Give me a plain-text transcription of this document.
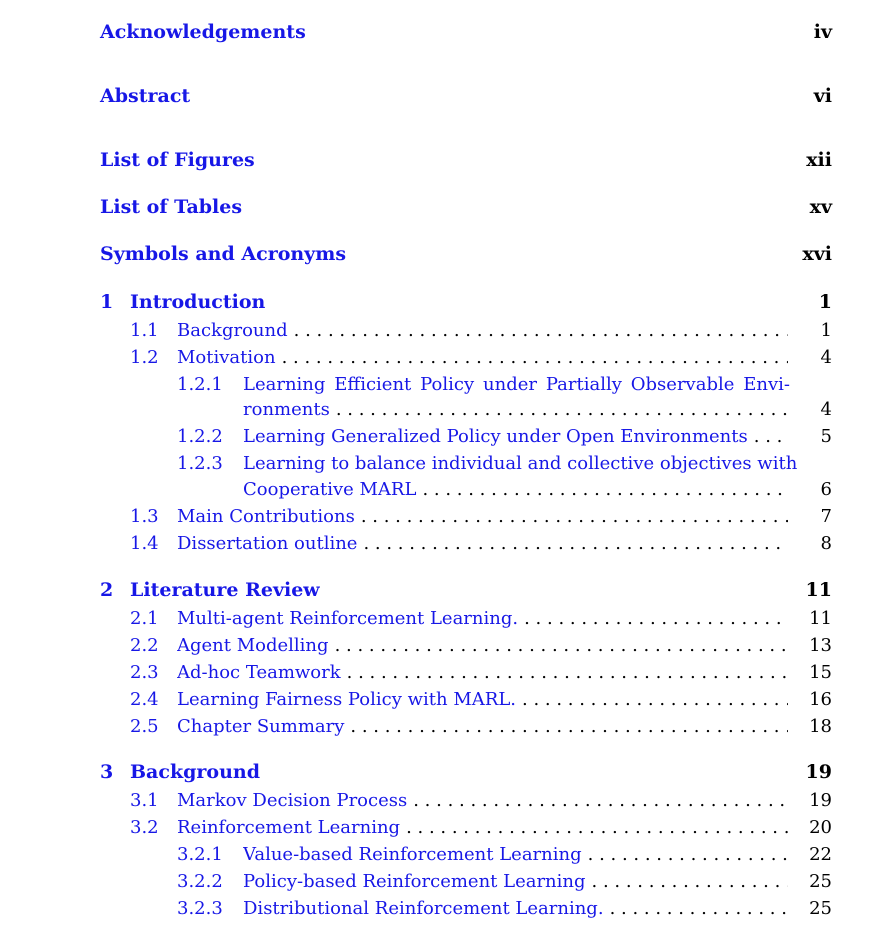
Acknowledgements	iv
Abstract	vi
List of Figures	xii
List of Tables	xv
Symbols and Acronyms	xvi
1 Introduction	1
1.1 Background . .	1
1.2 Motivation . .	4
1.2.1 Learning Efficient Policy under Partially Observable Envi-
ronments . .	4
1.2.2 Learning Generalized Policy under Open Environments . .	5
1.2.3 Learning to balance individual and collective objectives with
Cooperative MARL . .	6
1.3 Main Contributions . .	7
1.4 Dissertation outline . .	8
2 Literature Review	11
2.1 Multi-agent Reinforcement Learning. . .	11
2.2 Agent Modelling . .	13
2.3 Ad-hoc Teamwork . .	15
2.4 Learning Fairness Policy with MARL. . .	16
2.5 Chapter Summary . .	18
3 Background	19
3.1 Markov Decision Process . .	19
3.2 Reinforcement Learning . .	20
3.2.1 Value-based Reinforcement Learning . .	22
3.2.2 Policy-based Reinforcement Learning . .	25
3.2.3 Distributional Reinforcement Learning. . .	25
